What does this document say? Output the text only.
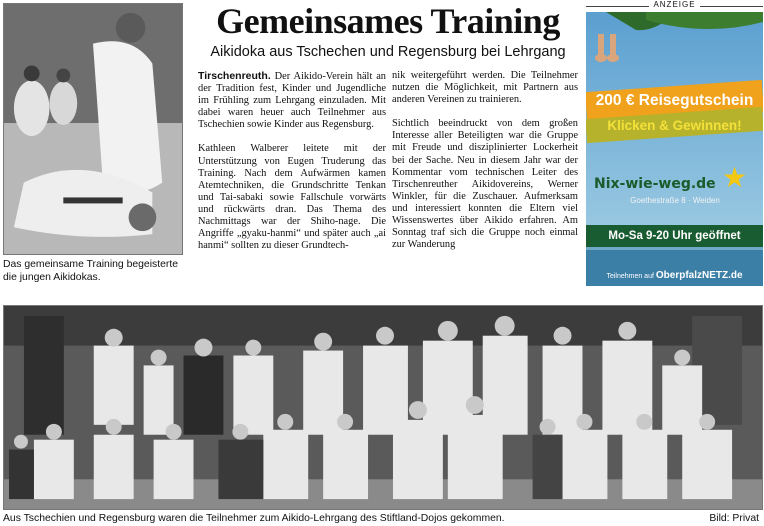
Das gemeinsame Training begeisterte die jungen Aikidokas.
Gemeinsames Training
Aikidoka aus Tschechen und Regensburg bei Lehrgang

Tirschenreuth. Der Aikido-Verein hält an der Tradition fest, Kinder und Jugendliche im Frühling zum Lehrgang einzuladen. Mit dabei waren heuer auch Teilnehmer aus Tschechien sowie Kinder aus Regensburg.

Kathleen Walberer leitete mit der Unterstützung von Eugen Truderung das Training. Nach dem Aufwärmen kamen Atemtechniken, die Grundschritte Tenkan und Tai-sabaki sowie Fallschule vorwärts und rückwärts dran. Das Thema des Nachmittags war der Shiho-nage. Die Angriffe „gyaku-hanmi“ und später auch „ai hanmi“ sollten zu dieser Grundtech-

nik weitergeführt werden. Die Teilnehmer nutzen die Möglichkeit, mit Partnern aus anderen Vereinen zu trainieren.

Sichtlich beeindruckt von dem großen Interesse aller Beteiligten war die Gruppe mit Freude und disziplinierter Lockerheit bei der Sache. Neu in diesem Jahr war der Kommentar vom technischen Leiter des Tirschenreuther Aikidovereins, Werner Winkler, für die Zuschauer. Aufmerksam und interessiert konnten die Eltern viel Wissenswertes über Aikido erfahren. Am Sonntag traf sich die Gruppe noch einmal zur Wanderung

ANZEIGE
200 € Reisegutschein
Klicken & Gewinnen!
Nix-wie-weg.de ★
Goethestraße 8 · Weiden
Mo-Sa 9-20 Uhr geöffnet
Teilnehmen auf OberpfalzNETZ.de
Aus Tschechien und Regensburg waren die Teilnehmer zum Aikido-Lehrgang des Stiftland-Dojos gekommen.	Bild: Privat
